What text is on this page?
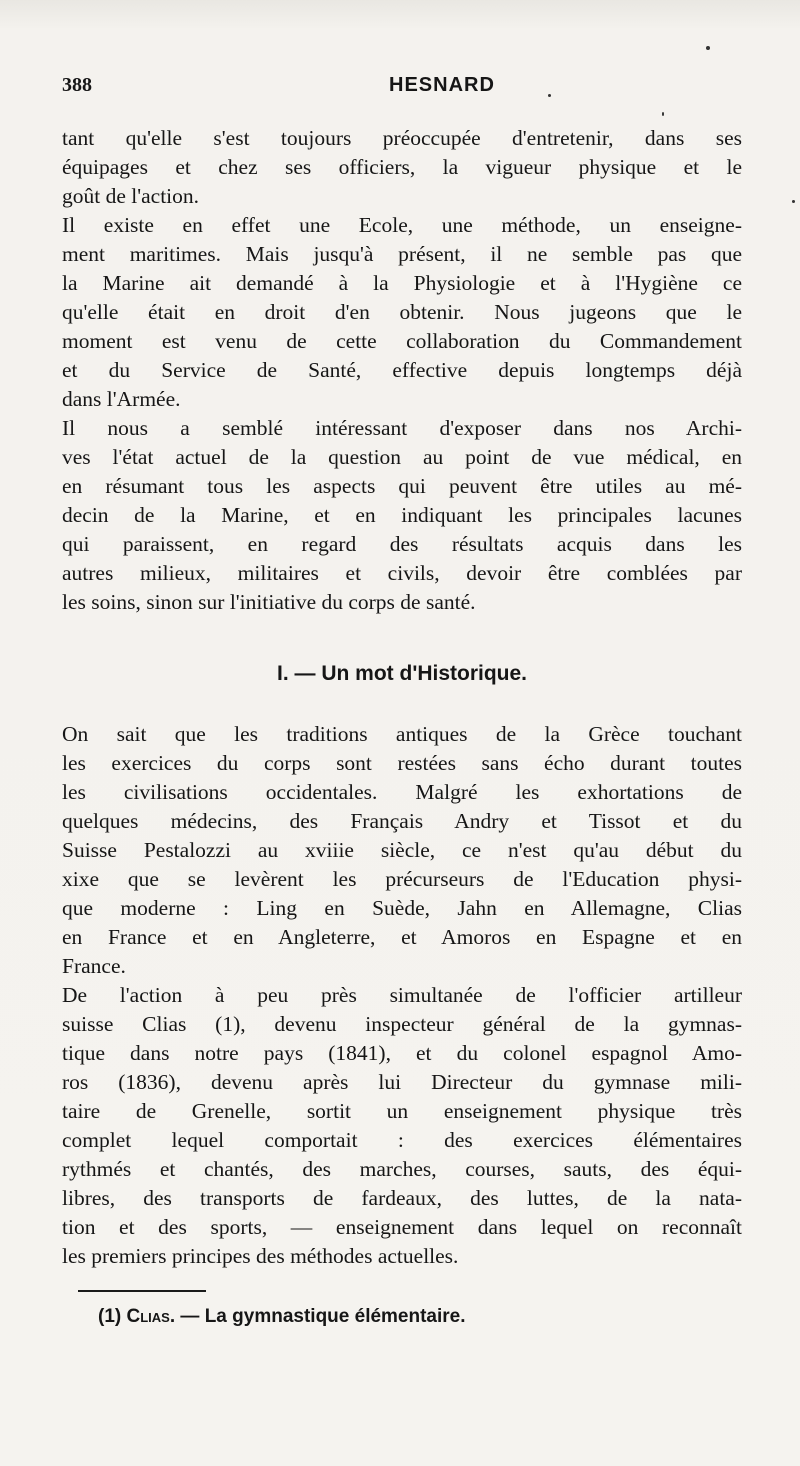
388	HESNARD
tant qu'elle s'est toujours préoccupée d'entretenir, dans ses
équipages et chez ses officiers, la vigueur physique et le
goût de l'action.
Il existe en effet une Ecole, une méthode, un enseigne-
ment maritimes. Mais jusqu'à présent, il ne semble pas que
la Marine ait demandé à la Physiologie et à l'Hygiène ce
qu'elle était en droit d'en obtenir. Nous jugeons que le
moment est venu de cette collaboration du Commandement
et du Service de Santé, effective depuis longtemps déjà
dans l'Armée.
Il nous a semblé intéressant d'exposer dans nos Archi-
ves l'état actuel de la question au point de vue médical, en
en résumant tous les aspects qui peuvent être utiles au mé-
decin de la Marine, et en indiquant les principales lacunes
qui paraissent, en regard des résultats acquis dans les
autres milieux, militaires et civils, devoir être comblées par
les soins, sinon sur l'initiative du corps de santé.
I. — Un mot d'Historique.
On sait que les traditions antiques de la Grèce touchant
les exercices du corps sont restées sans écho durant toutes
les civilisations occidentales. Malgré les exhortations de
quelques médecins, des Français Andry et Tissot et du
Suisse Pestalozzi au xviiie siècle, ce n'est qu'au début du
xixe que se levèrent les précurseurs de l'Education physi-
que moderne : Ling en Suède, Jahn en Allemagne, Clias
en France et en Angleterre, et Amoros en Espagne et en
France.
De l'action à peu près simultanée de l'officier artilleur
suisse Clias (1), devenu inspecteur général de la gymnas-
tique dans notre pays (1841), et du colonel espagnol Amo-
ros (1836), devenu après lui Directeur du gymnase mili-
taire de Grenelle, sortit un enseignement physique très
complet lequel comportait : des exercices élémentaires
rythmés et chantés, des marches, courses, sauts, des équi-
libres, des transports de fardeaux, des luttes, de la nata-
tion et des sports, — enseignement dans lequel on reconnaît
les premiers principes des méthodes actuelles.
(1) Clias. — La gymnastique élémentaire.
